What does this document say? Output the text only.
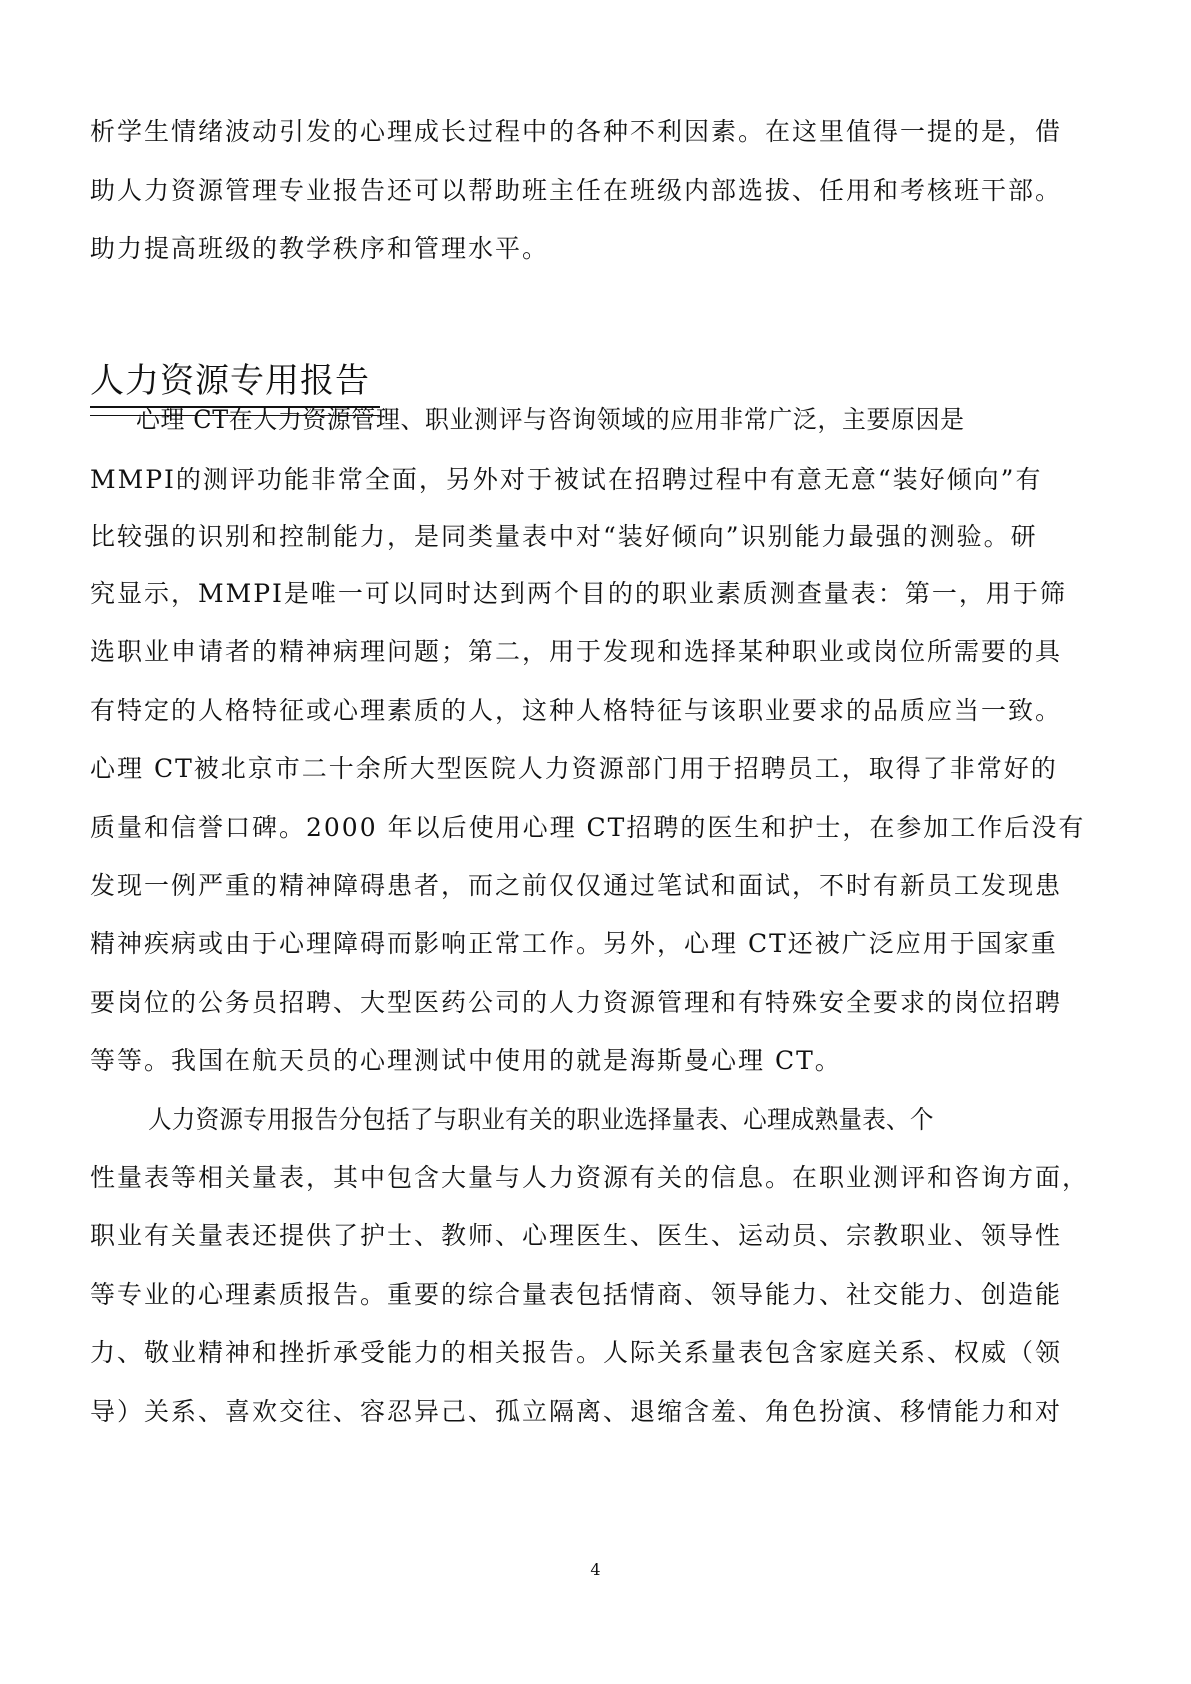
析学生情绪波动引发的心理成长过程中的各种不利因素。在这里值得一提的是，借
助人力资源管理专业报告还可以帮助班主任在班级内部选拔、任用和考核班干部。
助力提高班级的教学秩序和管理水平。
人力资源专用报告
心理 CT在人力资源管理、职业测评与咨询领域的应用非常广泛，主要原因是
MMPI的测评功能非常全面，另外对于被试在招聘过程中有意无意“装好倾向”有
比较强的识别和控制能力，是同类量表中对“装好倾向”识别能力最强的测验。研
究显示，MMPI是唯一可以同时达到两个目的的职业素质测查量表：第一，用于筛
选职业申请者的精神病理问题；第二，用于发现和选择某种职业或岗位所需要的具
有特定的人格特征或心理素质的人，这种人格特征与该职业要求的品质应当一致。
心理 CT被北京市二十余所大型医院人力资源部门用于招聘员工，取得了非常好的
质量和信誉口碑。2000 年以后使用心理 CT招聘的医生和护士，在参加工作后没有
发现一例严重的精神障碍患者，而之前仅仅通过笔试和面试，不时有新员工发现患
精神疾病或由于心理障碍而影响正常工作。另外，心理 CT还被广泛应用于国家重
要岗位的公务员招聘、大型医药公司的人力资源管理和有特殊安全要求的岗位招聘
等等。我国在航天员的心理测试中使用的就是海斯曼心理 CT。
人力资源专用报告分包括了与职业有关的职业选择量表、心理成熟量表、个
性量表等相关量表，其中包含大量与人力资源有关的信息。在职业测评和咨询方面，
职业有关量表还提供了护士、教师、心理医生、医生、运动员、宗教职业、领导性
等专业的心理素质报告。重要的综合量表包括情商、领导能力、社交能力、创造能
力、敬业精神和挫折承受能力的相关报告。人际关系量表包含家庭关系、权威（领
导）关系、喜欢交往、容忍异己、孤立隔离、退缩含羞、角色扮演、移情能力和对
4
